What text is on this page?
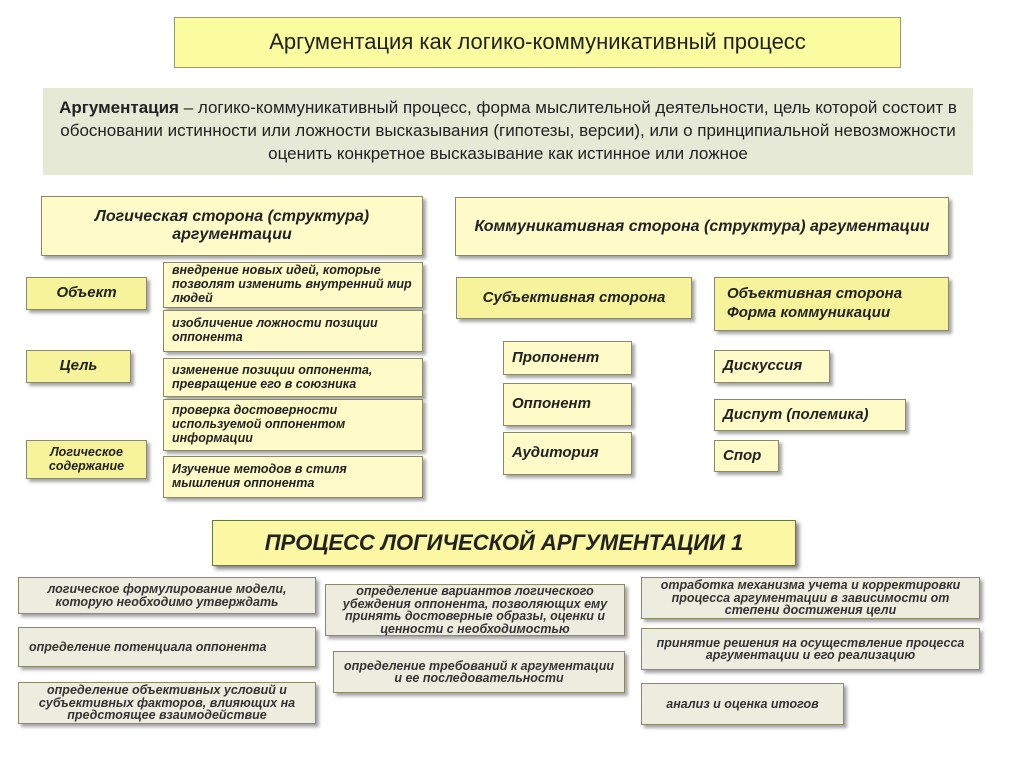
Аргументация как логико-коммуникативный процесс
Аргументация – логико-коммуникативный процесс, форма мыслительной деятельности, цель которой состоит в обосновании истинности или ложности высказывания (гипотезы, версии), или о принципиальной невозможности оценить конкретное высказывание как истинное или ложное
Логическая сторона (структура) аргументации	Коммуникативная сторона (структура) аргументации
Объект
Цель
Логическое содержание
внедрение новых идей, которые позволят изменить внутренний мир людей
изобличение ложности позиции оппонента
изменение позиции оппонента, превращение его в союзника
проверка достоверности используемой оппонентом информации
Изучение методов в стиля мышления оппонента
Субъективная сторона
Пропонент
Оппонент
Аудитория
Объективная сторона Форма коммуникации
Дискуссия
Диспут (полемика)
Спор
ПРОЦЕСС ЛОГИЧЕСКОЙ АРГУМЕНТАЦИИ 1
логическое формулирование модели, которую необходимо утверждать
определение потенциала оппонента
определение объективных условий и субъективных факторов, влияющих на предстоящее взаимодействие
определение вариантов логического убеждения оппонента, позволяющих ему принять достоверные образы, оценки и ценности с необходимостью
определение требований к аргументации и ее последовательности
отработка механизма учета и корректировки процесса аргументации в зависимости от степени достижения цели
принятие решения на осуществление процесса аргументации и его реализацию
анализ и оценка итогов
